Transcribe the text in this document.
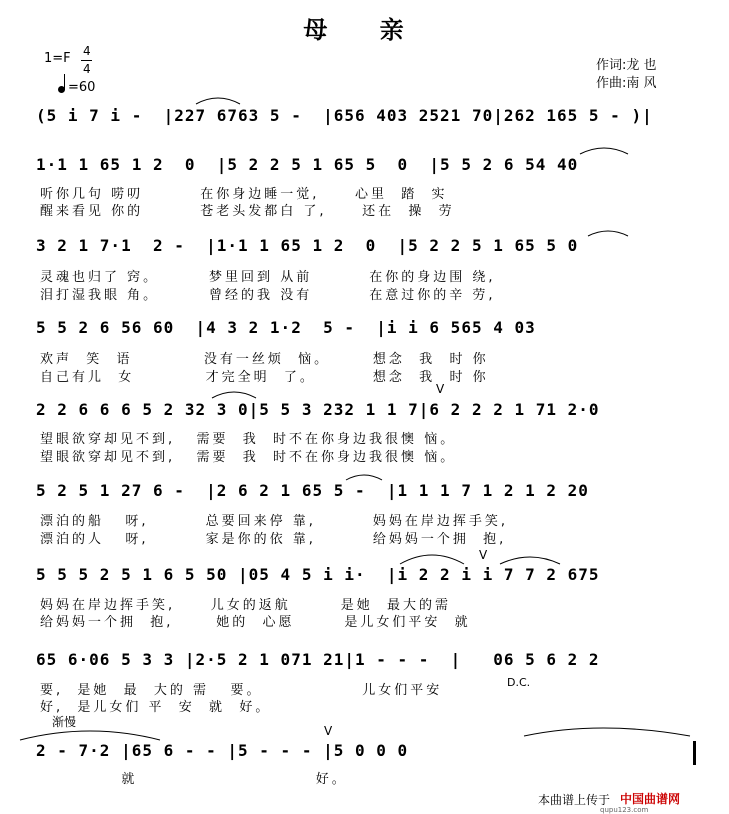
母 亲
1=F 4
4
=60
作词:龙 也
作曲:南 风
(5 i 7 i -  |227 6763 5 -  |656 403 2521 70|262 165 5 - )|
1·1 1 65 1 2  0  |5 2 2 5 1 65 5  0  |5 5 2 6 54 40
听你几句 唠叨        在你身边睡一觉,     心里  踏  实
醒来看见 你的        苍老头发都白 了,     还在  操  劳
3 2 1 7·1  2 -  |1·1 1 65 1 2  0  |5 2 2 5 1 65 5 0
灵魂也归了 窍。       梦里回到 从前        在你的身边围 绕,
泪打湿我眼 角。       曾经的我 没有        在意过你的辛 劳,
5 5 2 6 56 60  |4 3 2 1·2  5 -  |i i 6 565 4 03
欢声  笑  语          没有一丝烦  恼。      想念  我  时 你
自己有儿  女          才完全明  了。        想念  我  时 你
2 2 6 6 6 5 2 32 3 0|5 5 3 232 1 1 7|6 2 2 2 1 71 2·0
望眼欲穿却见不到,   需要  我  时不在你身边我很懊 恼。
望眼欲穿却见不到,   需要  我  时不在你身边我很懊 恼。
5 2 5 1 27 6 -  |2 6 2 1 65 5 -  |1 1 1 7 1 2 1 2 20
漂泊的船   呀,        总要回来停 靠,        妈妈在岸边挥手笑,
漂泊的人   呀,        家是你的依 靠,        给妈妈一个拥  抱,
5 5 5 2 5 1 6 5 50 |05 4 5 i i·  |i 2 2 i i 7 7 2 675
妈妈在岸边挥手笑,     儿女的返航       是她  最大的需
给妈妈一个拥  抱,      她的  心愿       是儿女们平安  就
65 6·06 5 3 3 |2·5 2 1 071 21|1 - - -  |   06 5 6 2 2
要,  是她  最  大的 需   要。              儿女们平安
好,  是儿女们 平  安  就  好。
D.C.
渐慢
2 - 7·2 |65 6 - - |5 - - - |5 0 0 0
就                         好。
V
V
V
本曲谱上传于 中国曲谱网
qupu123.com
